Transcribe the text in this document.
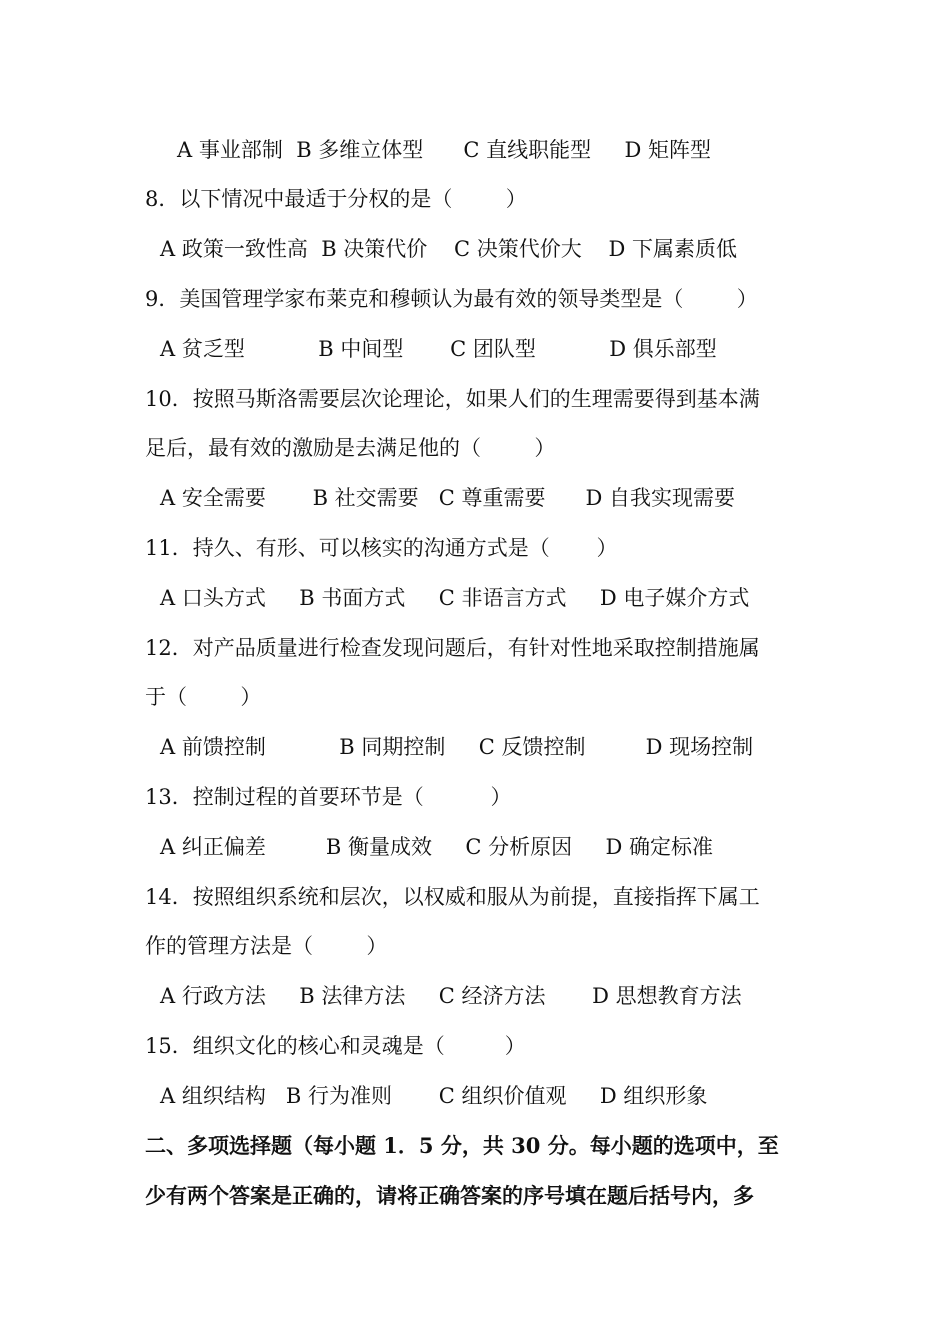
A 事业部制  B 多维立体型      C 直线职能型     D 矩阵型
8．以下情况中最适于分权的是（        ）
A 政策一致性高  B 决策代价    C 决策代价大    D 下属素质低
9．美国管理学家布莱克和穆顿认为最有效的领导类型是（        ）
A 贫乏型           B 中间型       C 团队型           D 俱乐部型
10．按照马斯洛需要层次论理论，如果人们的生理需要得到基本满
足后，最有效的激励是去满足他的（        ）
A 安全需要       B 社交需要   C 尊重需要      D 自我实现需要
11．持久、有形、可以核实的沟通方式是（       ）
A 口头方式     B 书面方式     C 非语言方式     D 电子媒介方式
12．对产品质量进行检查发现问题后，有针对性地采取控制措施属
于（        ）
A 前馈控制           B 同期控制     C 反馈控制         D 现场控制
13．控制过程的首要环节是（          ）
A 纠正偏差         B 衡量成效     C 分析原因     D 确定标准
14．按照组织系统和层次，以权威和服从为前提，直接指挥下属工
作的管理方法是（        ）
A 行政方法     B 法律方法     C 经济方法       D 思想教育方法
15．组织文化的核心和灵魂是（         ）
A 组织结构   B 行为准则       C 组织价值观     D 组织形象
二、多项选择题（每小题 1．5 分，共 30 分。每小题的选项中，至
少有两个答案是正确的，请将正确答案的序号填在题后括号内，多
